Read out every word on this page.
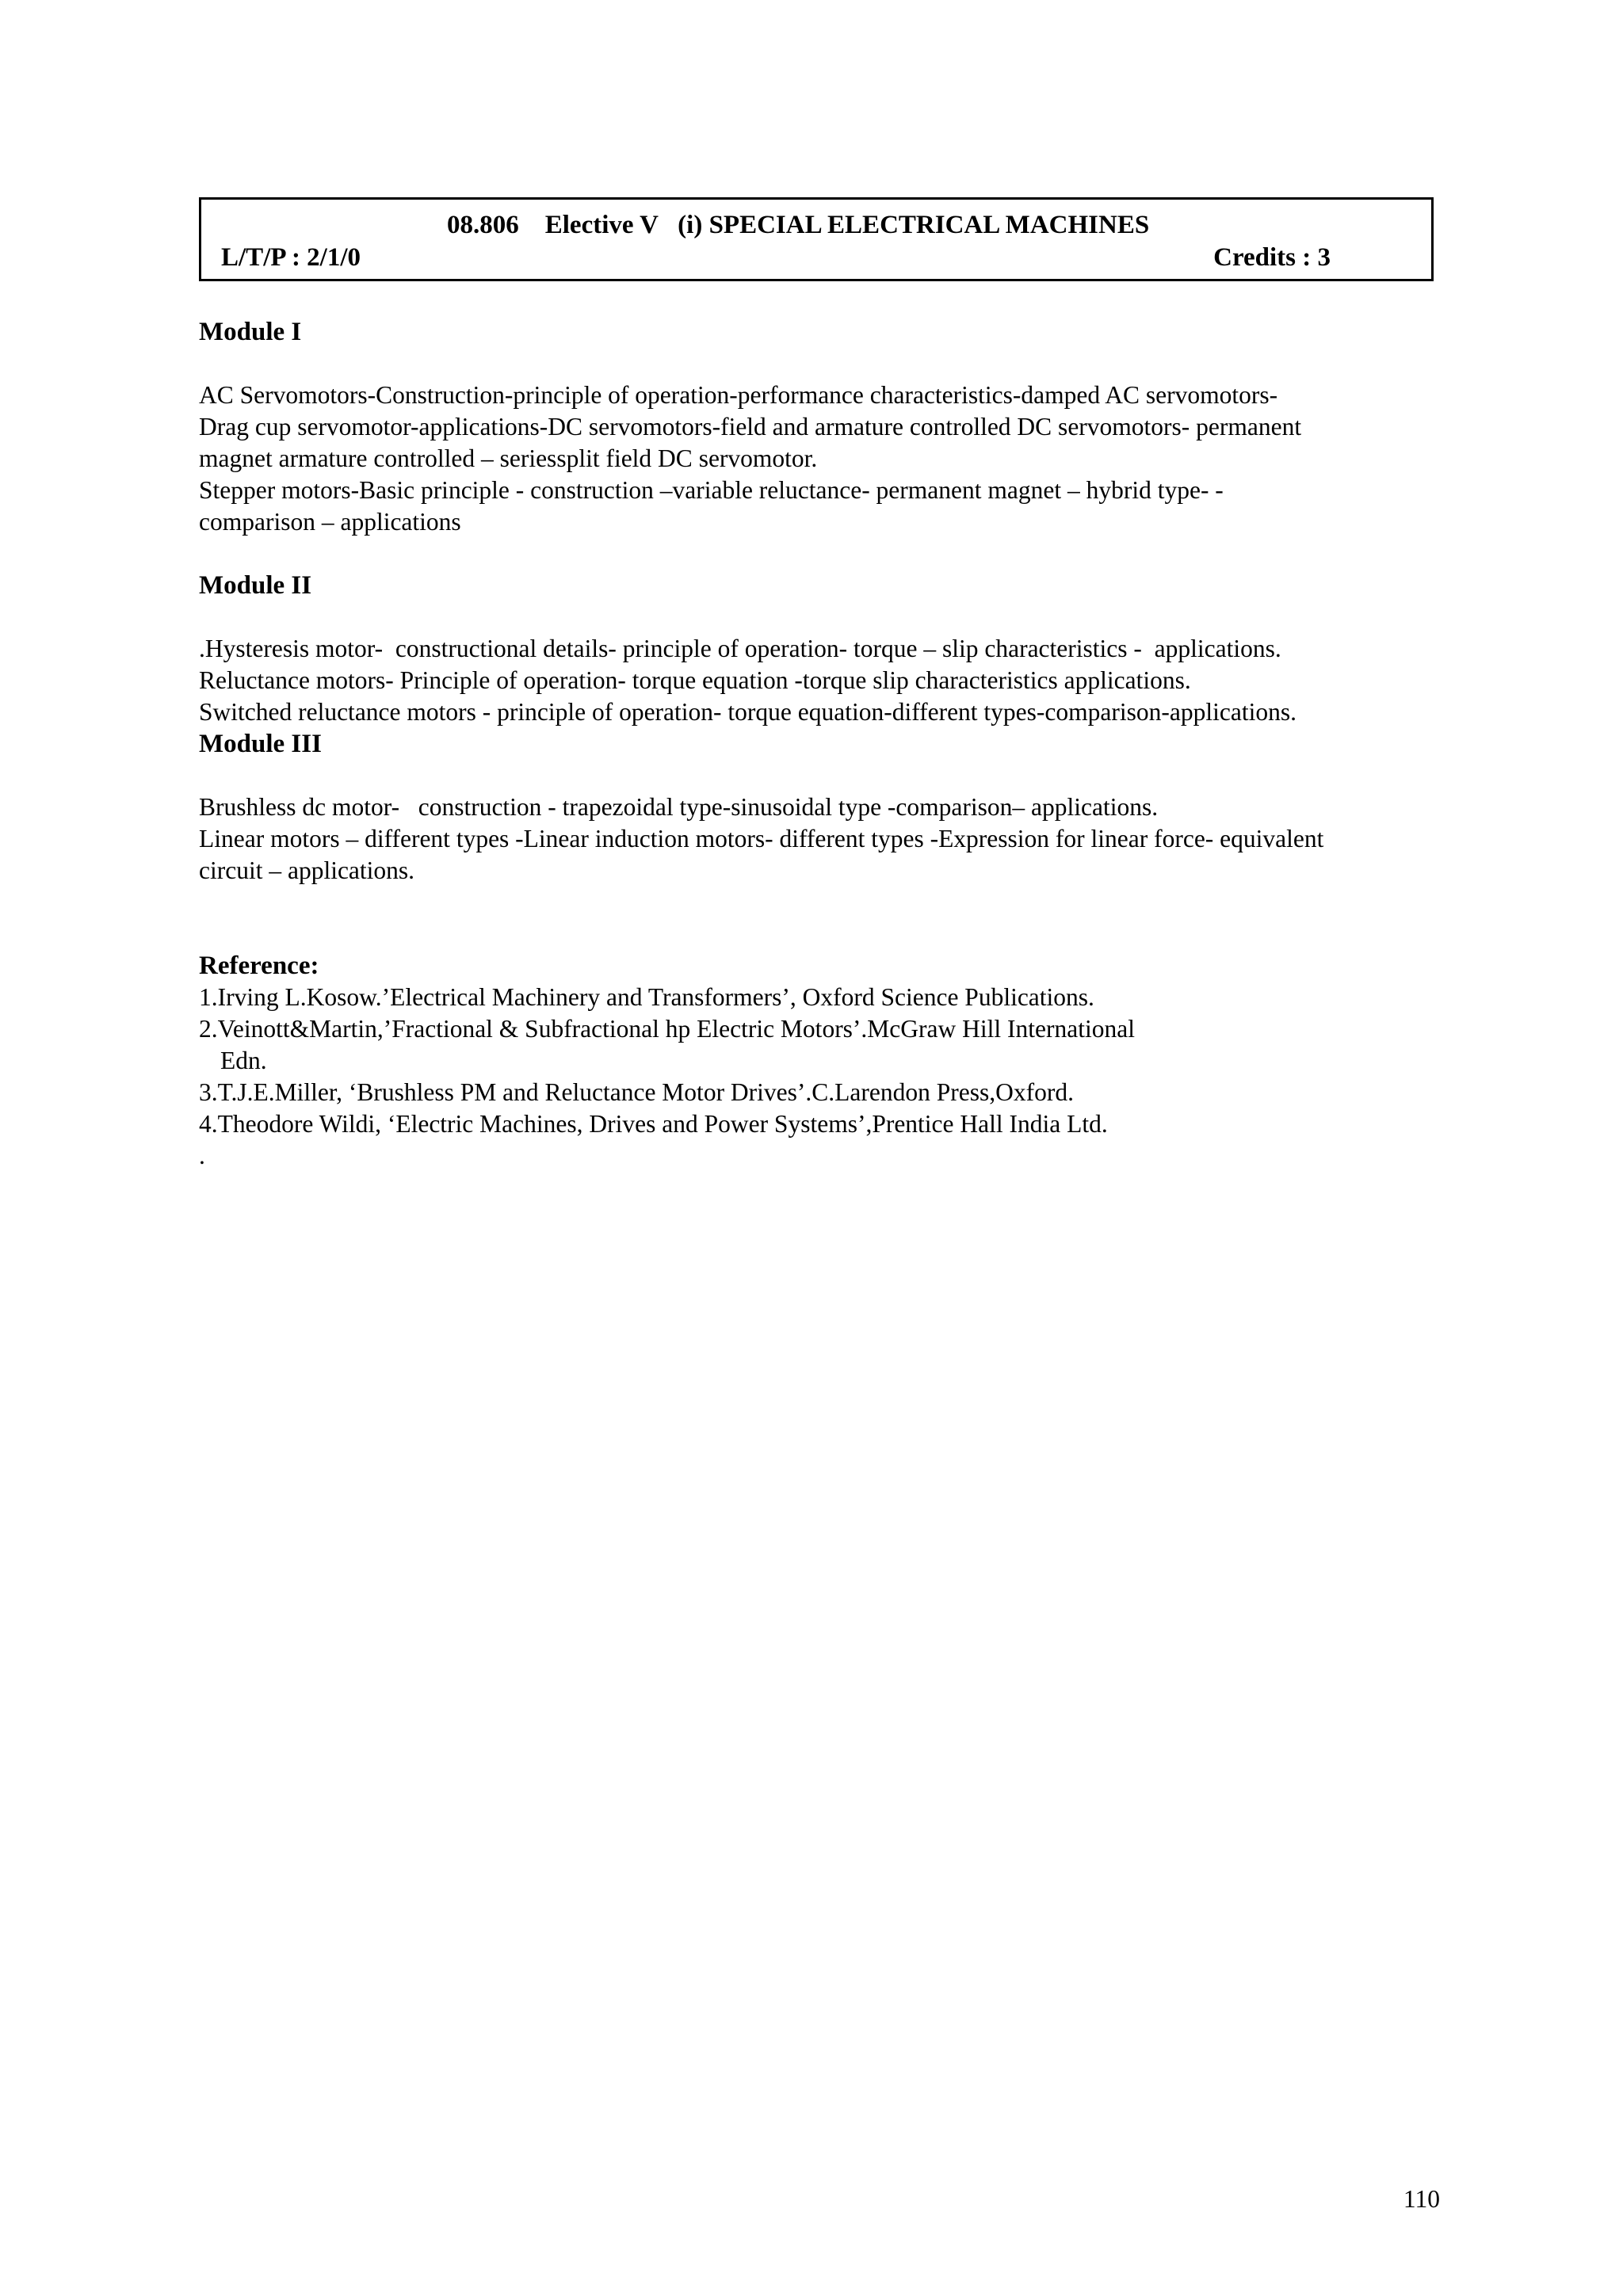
08.806    Elective V   (i) SPECIAL ELECTRICAL MACHINES
L/T/P : 2/1/0	Credits : 3
Module I
AC Servomotors-Construction-principle of operation-performance characteristics-damped AC servomotors-
Drag cup servomotor-applications-DC servomotors-field and armature controlled DC servomotors- permanent
magnet armature controlled – seriessplit field DC servomotor.
Stepper motors-Basic principle - construction –variable reluctance- permanent magnet – hybrid type- -
comparison – applications
Module II
.Hysteresis motor-  constructional details- principle of operation- torque – slip characteristics -  applications.
Reluctance motors- Principle of operation- torque equation -torque slip characteristics applications.
Switched reluctance motors - principle of operation- torque equation-different types-comparison-applications.
Module III
Brushless dc motor-   construction - trapezoidal type-sinusoidal type -comparison– applications.
Linear motors – different types -Linear induction motors- different types -Expression for linear force- equivalent
circuit – applications.
Reference:
1.Irving L.Kosow.’Electrical Machinery and Transformers’, Oxford Science Publications.
2.Veinott&Martin,’Fractional & Subfractional hp Electric Motors’.McGraw Hill International
Edn.
3.T.J.E.Miller, ‘Brushless PM and Reluctance Motor Drives’.C.Larendon Press,Oxford.
4.Theodore Wildi, ‘Electric Machines, Drives and Power Systems’,Prentice Hall India Ltd.
.
110
